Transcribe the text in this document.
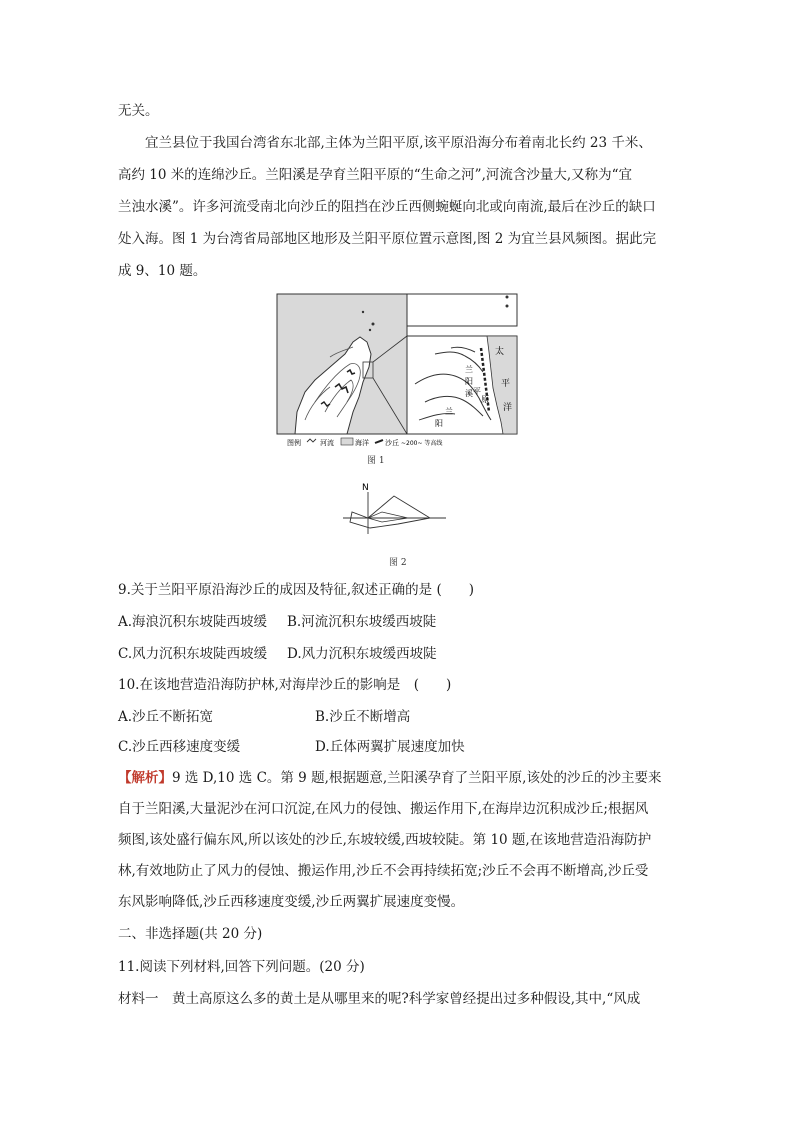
无关。
宜兰县位于我国台湾省东北部,主体为兰阳平原,该平原沿海分布着南北长约 23 千米、
高约 10 米的连绵沙丘。兰阳溪是孕育兰阳平原的“生命之河”,河流含沙量大,又称为“宜
兰浊水溪”。许多河流受南北向沙丘的阻挡在沙丘西侧蜿蜒向北或向南流,最后在沙丘的缺口
处入海。图 1 为台湾省局部地区地形及兰阳平原位置示意图,图 2 为宜兰县风频图。据此完
成 9、10 题。
太
平
洋
兰
阳
溪
兰
阳
平
原
图例	河流	海洋 沙丘 ~200~ 等高线
图 1
N
图 2
9.关于兰阳平原沿海沙丘的成因及特征,叙述正确的是 (　　)
A.海浪沉积东坡陡西坡缓 B.河流沉积东坡缓西坡陡
C.风力沉积东坡陡西坡缓 D.风力沉积东坡缓西坡陡
10.在该地营造沿海防护林,对海岸沙丘的影响是　(　　)
A.沙丘不断拓宽	B.沙丘不断增高
C.沙丘西移速度变缓	D.丘体两翼扩展速度加快
【解析】9 选 D,10 选 C。第 9 题,根据题意,兰阳溪孕育了兰阳平原,该处的沙丘的沙主要来
自于兰阳溪,大量泥沙在河口沉淀,在风力的侵蚀、搬运作用下,在海岸边沉积成沙丘;根据风
频图,该处盛行偏东风,所以该处的沙丘,东坡较缓,西坡较陡。第 10 题,在该地营造沿海防护
林,有效地防止了风力的侵蚀、搬运作用,沙丘不会再持续拓宽;沙丘不会再不断增高,沙丘受
东风影响降低,沙丘西移速度变缓,沙丘两翼扩展速度变慢。
二、非选择题(共 20 分)
11.阅读下列材料,回答下列问题。(20 分)
材料一　黄土高原这么多的黄土是从哪里来的呢?科学家曾经提出过多种假设,其中,“风成
